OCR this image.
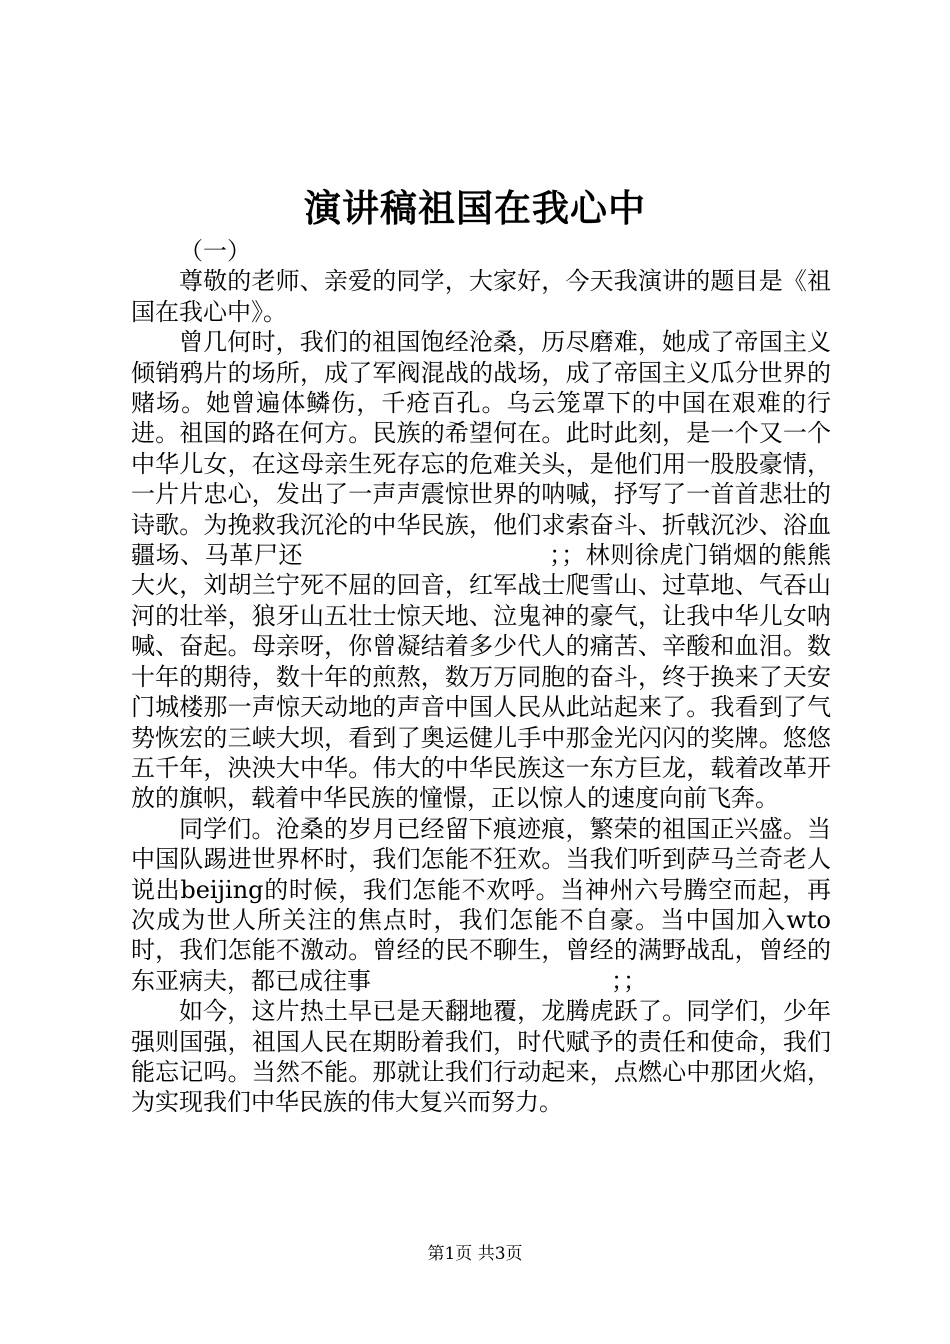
演讲稿祖国在我心中

（一）

尊敬的老师、亲爱的同学，大家好，今天我演讲的题目是《祖国在我心中》。

曾几何时，我们的祖国饱经沧桑，历尽磨难，她成了帝国主义倾销鸦片的场所，成了军阀混战的战场，成了帝国主义瓜分世界的赌场。她曾遍体鳞伤，千疮百孔。乌云笼罩下的中国在艰难的行进。祖国的路在何方。民族的希望何在。此时此刻，是一个又一个中华儿女，在这母亲生死存忘的危难关头，是他们用一股股豪情，一片片忠心，发出了一声声震惊世界的呐喊，抒写了一首首悲壮的诗歌。为挽救我沉沦的中华民族，他们求索奋斗、折戟沉沙、浴血疆场、马革尸还　　　　　　　　　　；；林则徐虎门销烟的熊熊大火，刘胡兰宁死不屈的回音，红军战士爬雪山、过草地、气吞山河的壮举，狼牙山五壮士惊天地、泣鬼神的豪气，让我中华儿女呐喊、奋起。母亲呀，你曾凝结着多少代人的痛苦、辛酸和血泪。数十年的期待，数十年的煎熬，数万万同胞的奋斗，终于换来了天安门城楼那一声惊天动地的声音中国人民从此站起来了。我看到了气势恢宏的三峡大坝，看到了奥运健儿手中那金光闪闪的奖牌。悠悠五千年，泱泱大中华。伟大的中华民族这一东方巨龙，载着改革开放的旗帜，载着中华民族的憧憬，正以惊人的速度向前飞奔。

同学们。沧桑的岁月已经留下痕迹痕，繁荣的祖国正兴盛。当中国队踢进世界杯时，我们怎能不狂欢。当我们听到萨马兰奇老人说出beijing的时候，我们怎能不欢呼。当神州六号腾空而起，再次成为世人所关注的焦点时，我们怎能不自豪。当中国加入wto时，我们怎能不激动。曾经的民不聊生，曾经的满野战乱，曾经的东亚病夫，都已成往事　　　　　　　　　　；；

如今，这片热土早已是天翻地覆，龙腾虎跃了。同学们，少年强则国强，祖国人民在期盼着我们，时代赋予的责任和使命，我们能忘记吗。当然不能。那就让我们行动起来，点燃心中那团火焰，为实现我们中华民族的伟大复兴而努力。

第1页 共3页
